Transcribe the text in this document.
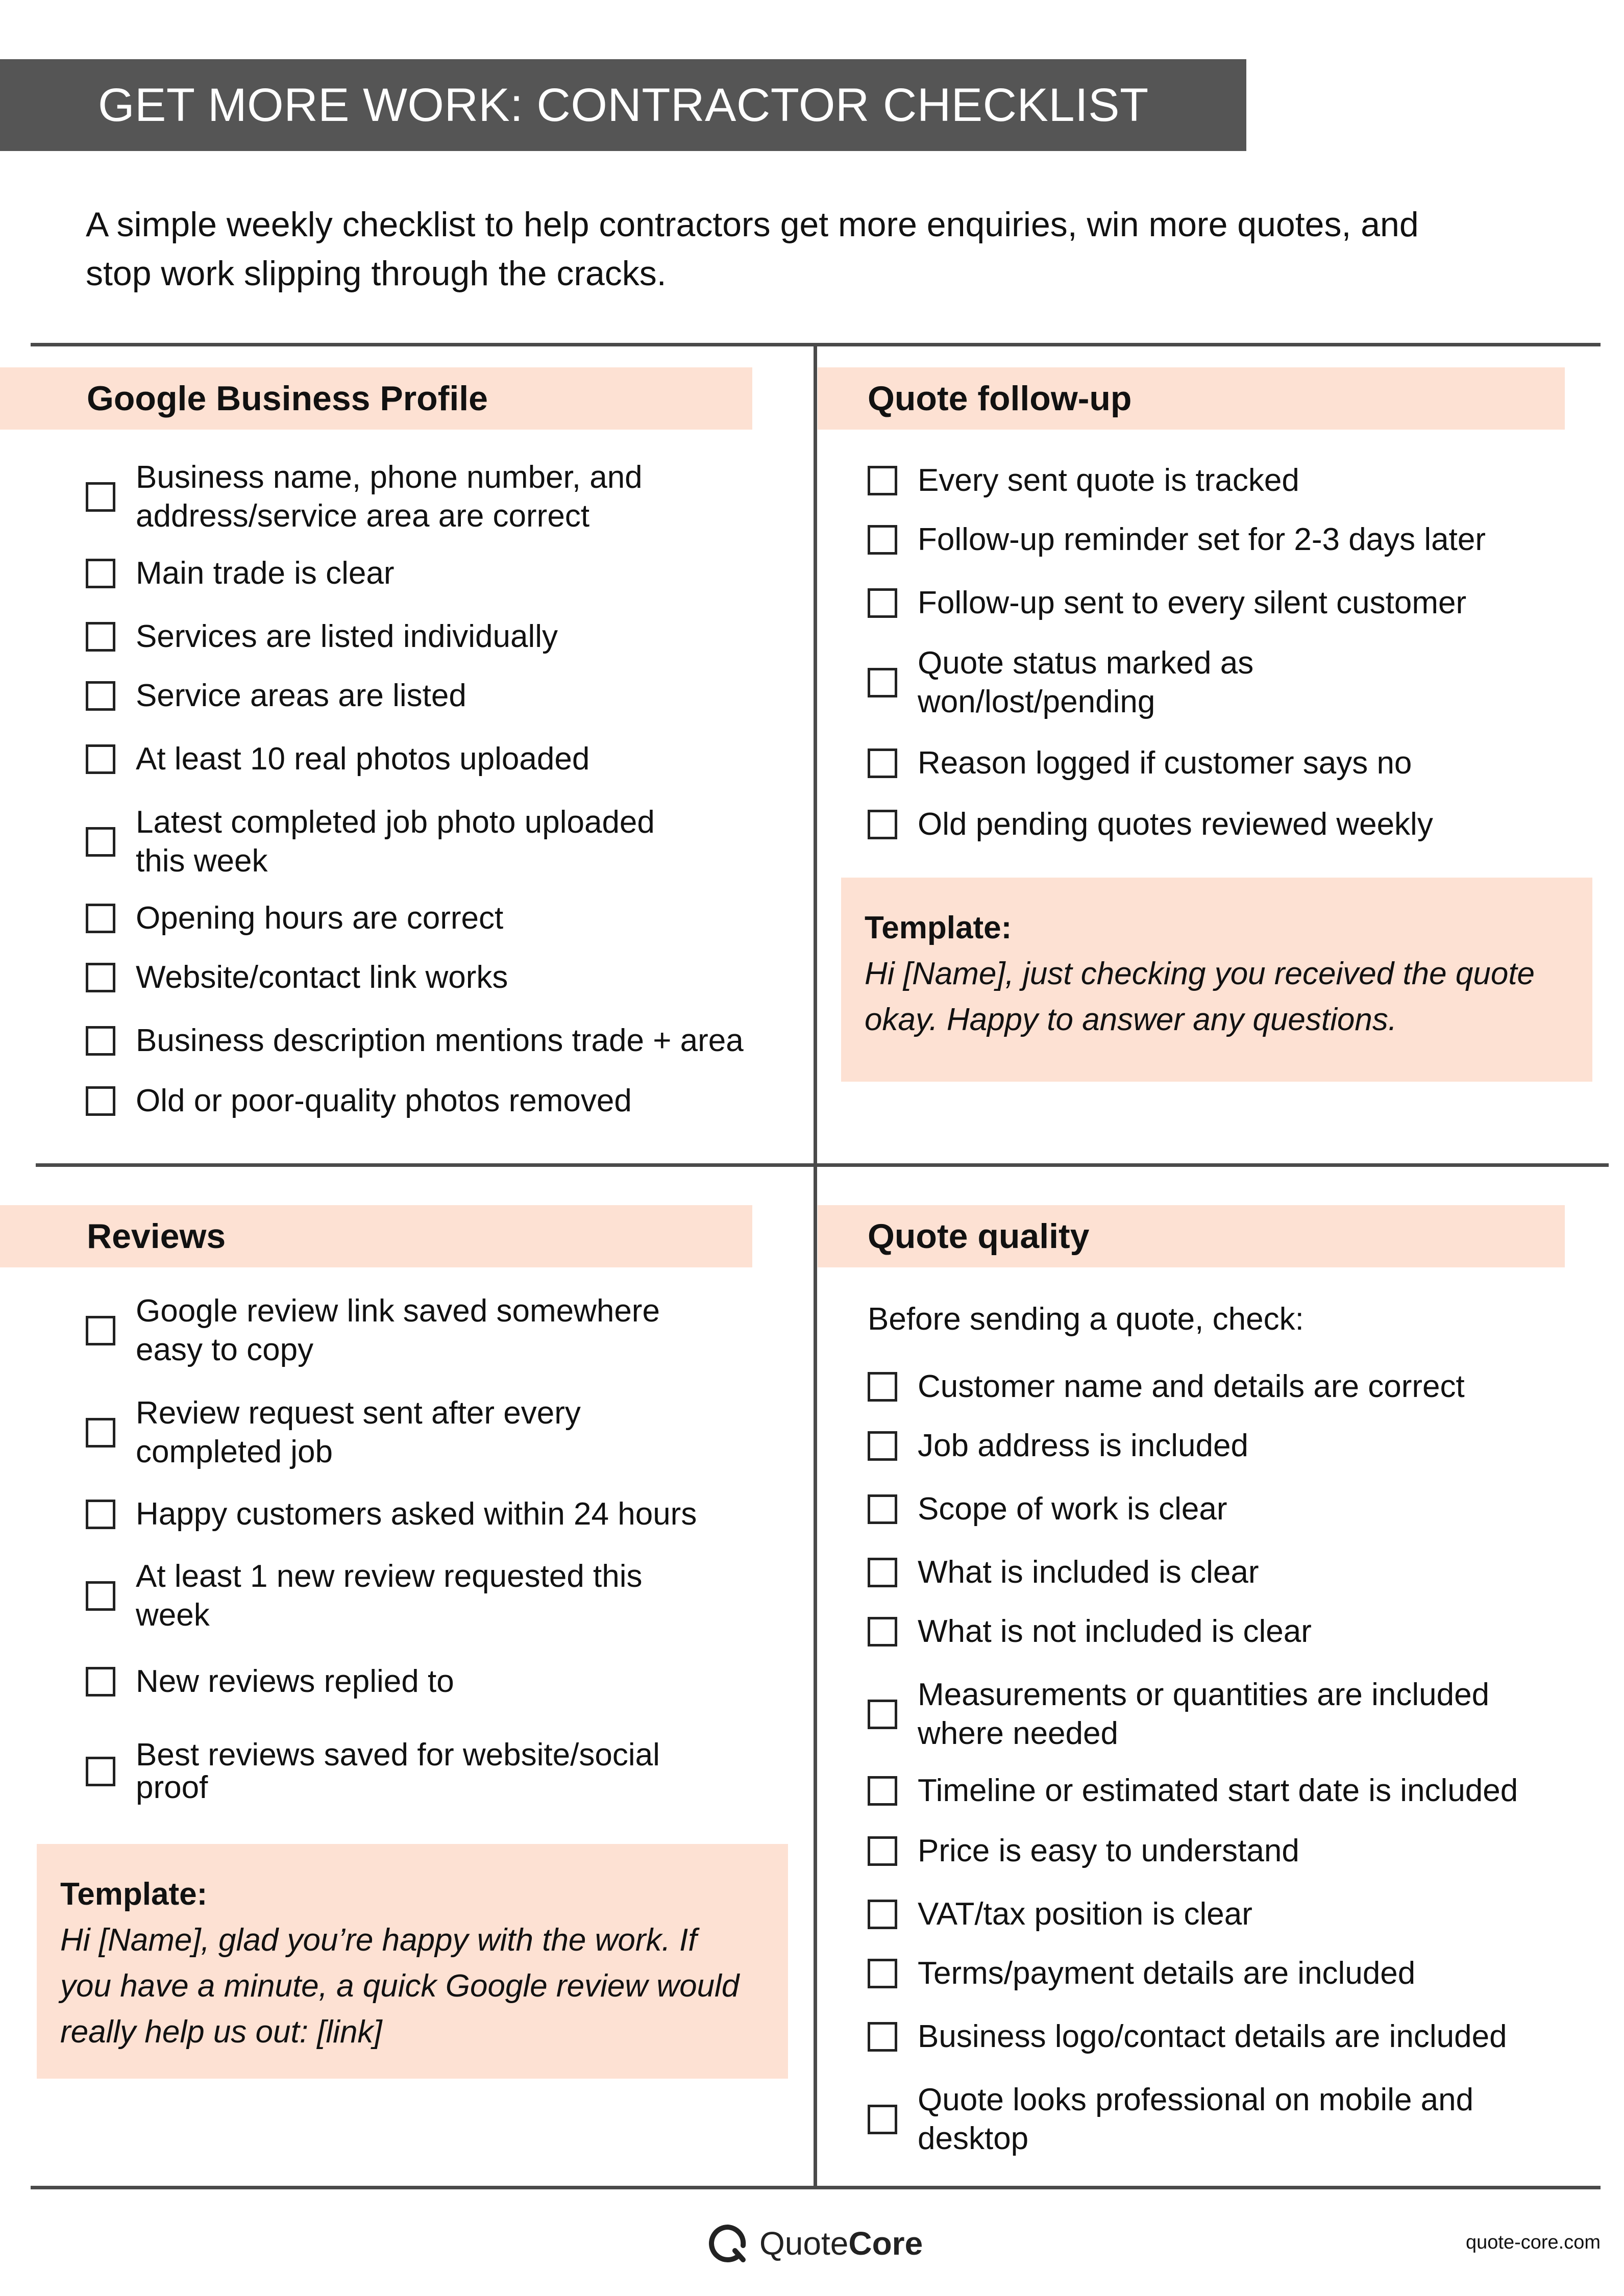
GET MORE WORK: CONTRACTOR CHECKLIST
A simple weekly checklist to help contractors get more enquiries, win more quotes, and
stop work slipping through the cracks.
Google Business Profile	Quote follow-up
Reviews	Quote quality
Business name, phone number, and
address/service area are correct
Main trade is clear
Services are listed individually
Service areas are listed
At least 10 real photos uploaded
Latest completed job photo uploaded
this week
Opening hours are correct
Website/contact link works
Business description mentions trade + area
Old or poor-quality photos removed
Every sent quote is tracked
Follow-up reminder set for 2-3 days later
Follow-up sent to every silent customer
Quote status marked as
won/lost/pending
Reason logged if customer says no
Old pending quotes reviewed weekly
Template:
Hi [Name], just checking you received the quote
okay. Happy to answer any questions.
Google review link saved somewhere
easy to copy
Review request sent after every
completed job
Happy customers asked within 24 hours
At least 1 new review requested this
week
New reviews replied to
Best reviews saved for website/social
proof
Template:
Hi [Name], glad you’re happy with the work. If
you have a minute, a quick Google review would
really help us out: [link]
Before sending a quote, check:
Customer name and details are correct
Job address is included
Scope of work is clear
What is included is clear
What is not included is clear
Measurements or quantities are included
where needed
Timeline or estimated start date is included
Price is easy to understand
VAT/tax position is clear
Terms/payment details are included
Business logo/contact details are included
Quote looks professional on mobile and
desktop
QuoteCore	quote-core.com
